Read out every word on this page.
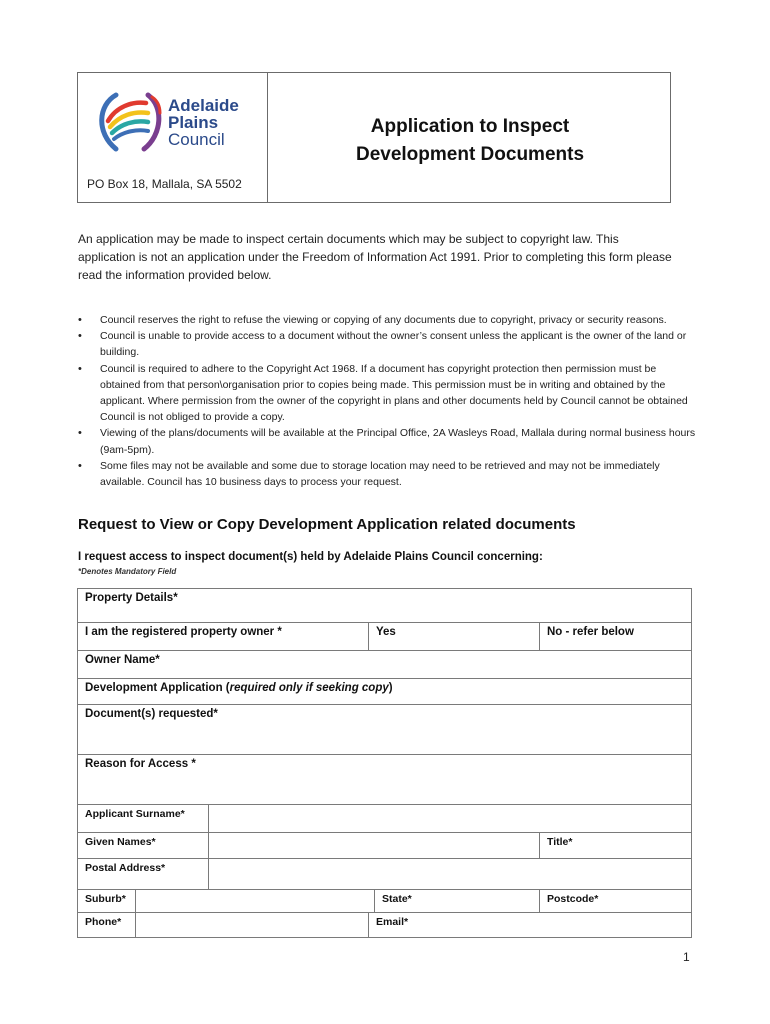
Adelaide
Plains
Council
PO Box 18, Mallala, SA 5502
Application to Inspect
Development Documents
An application may be made to inspect certain documents which may be subject to copyright law. This application is not an application under the Freedom of Information Act 1991. Prior to completing this form please read the information provided below.
• Council reserves the right to refuse the viewing or copying of any documents due to copyright, privacy or security reasons.
• Council is unable to provide access to a document without the owner’s consent unless the applicant is the owner of the land or building.
• Council is required to adhere to the Copyright Act 1968. If a document has copyright protection then permission must be obtained from that person\organisation prior to copies being made. This permission must be in writing and obtained by the applicant. Where permission from the owner of the copyright in plans and other documents held by Council cannot be obtained Council is not obliged to provide a copy.
• Viewing of the plans/documents will be available at the Principal Office, 2A Wasleys Road, Mallala during normal business hours (9am-5pm).
• Some files may not be available and some due to storage location may need to be retrieved and may not be immediately available. Council has 10 business days to process your request.
Request to View or Copy Development Application related documents
I request access to inspect document(s) held by Adelaide Plains Council concerning:
*Denotes Mandatory Field
Property Details*					
I am the registered property owner *			Yes		No - refer below
Owner Name*					
Development Application (required only if seeking copy)					
Document(s) requested*					
Reason for Access *					
Applicant Surname*					
Given Names*					Title*
Postal Address*					
Suburb*				State*	Postcode*
Phone*			Email*		
1
